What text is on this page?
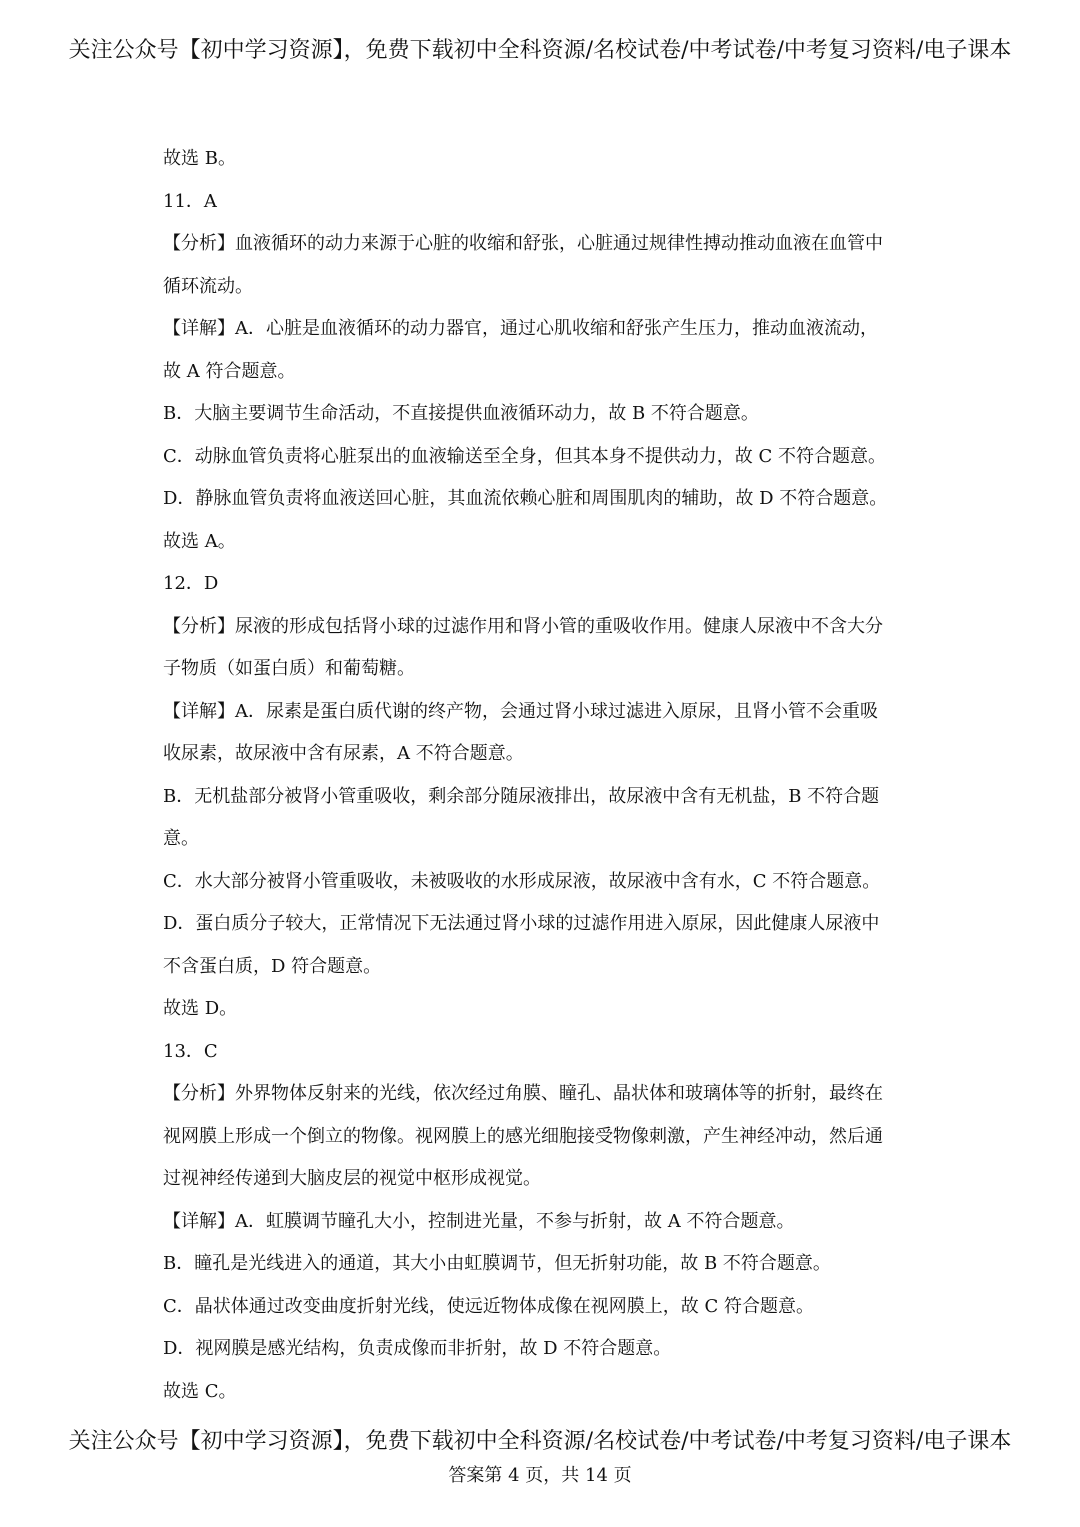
关注公众号【初中学习资源】，免费下载初中全科资源/名校试卷/中考试卷/中考复习资料/电子课本
故选 B。
11．A
【分析】血液循环的动力来源于心脏的收缩和舒张，心脏通过规律性搏动推动血液在血管中
循环流动。
【详解】A．心脏是血液循环的动力器官，通过心肌收缩和舒张产生压力，推动血液流动，
故 A 符合题意。
B．大脑主要调节生命活动，不直接提供血液循环动力，故 B 不符合题意。
C．动脉血管负责将心脏泵出的血液输送至全身，但其本身不提供动力，故 C 不符合题意。
D．静脉血管负责将血液送回心脏，其血流依赖心脏和周围肌肉的辅助，故 D 不符合题意。
故选 A。
12．D
【分析】尿液的形成包括肾小球的过滤作用和肾小管的重吸收作用。健康人尿液中不含大分
子物质（如蛋白质）和葡萄糖。
【详解】A．尿素是蛋白质代谢的终产物，会通过肾小球过滤进入原尿，且肾小管不会重吸
收尿素，故尿液中含有尿素，A 不符合题意。
B．无机盐部分被肾小管重吸收，剩余部分随尿液排出，故尿液中含有无机盐，B 不符合题
意。
C．水大部分被肾小管重吸收，未被吸收的水形成尿液，故尿液中含有水，C 不符合题意。
D．蛋白质分子较大，正常情况下无法通过肾小球的过滤作用进入原尿，因此健康人尿液中
不含蛋白质，D 符合题意。
故选 D。
13．C
【分析】外界物体反射来的光线，依次经过角膜、瞳孔、晶状体和玻璃体等的折射，最终在
视网膜上形成一个倒立的物像。视网膜上的感光细胞接受物像刺激，产生神经冲动，然后通
过视神经传递到大脑皮层的视觉中枢形成视觉。
【详解】A．虹膜调节瞳孔大小，控制进光量，不参与折射，故 A 不符合题意。
B．瞳孔是光线进入的通道，其大小由虹膜调节，但无折射功能，故 B 不符合题意。
C．晶状体通过改变曲度折射光线，使远近物体成像在视网膜上，故 C 符合题意。
D．视网膜是感光结构，负责成像而非折射，故 D 不符合题意。
故选 C。
关注公众号【初中学习资源】，免费下载初中全科资源/名校试卷/中考试卷/中考复习资料/电子课本
答案第 4 页，共 14 页
